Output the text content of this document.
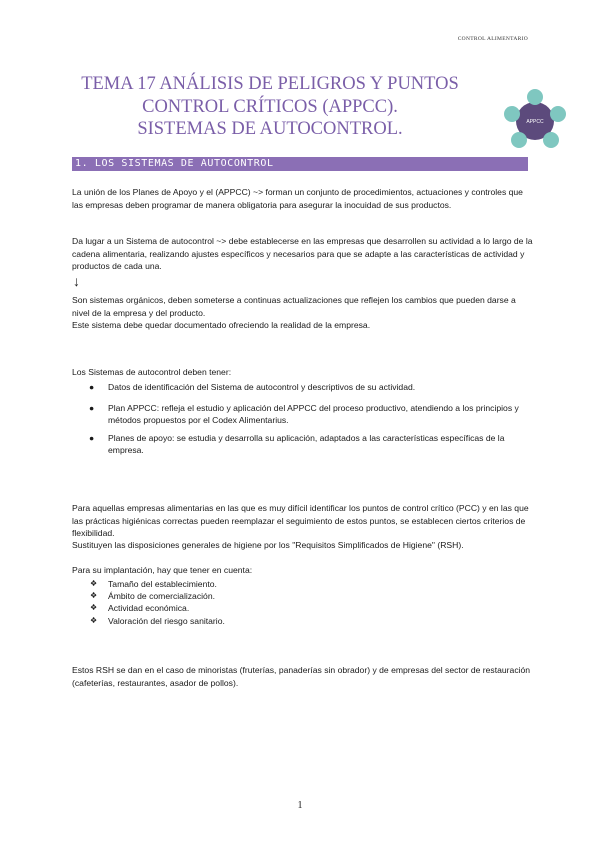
CONTROL ALIMENTARIO
TEMA 17 ANÁLISIS DE PELIGROS Y PUNTOS
CONTROL CRÍTICOS (APPCC).
SISTEMAS DE AUTOCONTROL.	APPCC
1. LOS SISTEMAS DE AUTOCONTROL
La unión de los Planes de Apoyo y el (APPCC) ~> forman un conjunto de procedimientos, actuaciones y controles que las empresas deben programar de manera obligatoria para asegurar la inocuidad de sus productos.
Da lugar a un Sistema de autocontrol ~> debe establecerse en las empresas que desarrollen su actividad a lo largo de la cadena alimentaria, realizando ajustes específicos y necesarios para que se adapte a las características de actividad y productos de cada una.
↓
Son sistemas orgánicos, deben someterse a continuas actualizaciones que reflejen los cambios que pueden darse a nivel de la empresa y del producto.
Este sistema debe quedar documentado ofreciendo la realidad de la empresa.
Los Sistemas de autocontrol deben tener:
● Datos de identificación del Sistema de autocontrol y descriptivos de su actividad.
● Plan APPCC: refleja el estudio y aplicación del APPCC del proceso productivo, atendiendo a los principios y métodos propuestos por el Codex Alimentarius.
● Planes de apoyo: se estudia y desarrolla su aplicación, adaptados a las características específicas de la empresa.
Para aquellas empresas alimentarias en las que es muy difícil identificar los puntos de control crítico (PCC) y en las que las prácticas higiénicas correctas pueden reemplazar el seguimiento de estos puntos, se establecen ciertos criterios de flexibilidad.
Sustituyen las disposiciones generales de higiene por los "Requisitos Simplificados de Higiene" (RSH).
Para su implantación, hay que tener en cuenta:
❖ Tamaño del establecimiento.
❖ Ámbito de comercialización.
❖ Actividad económica.
❖ Valoración del riesgo sanitario.
Estos RSH se dan en el caso de minoristas (fruterías, panaderías sin obrador) y de empresas del sector de restauración (cafeterías, restaurantes, asador de pollos).
1
